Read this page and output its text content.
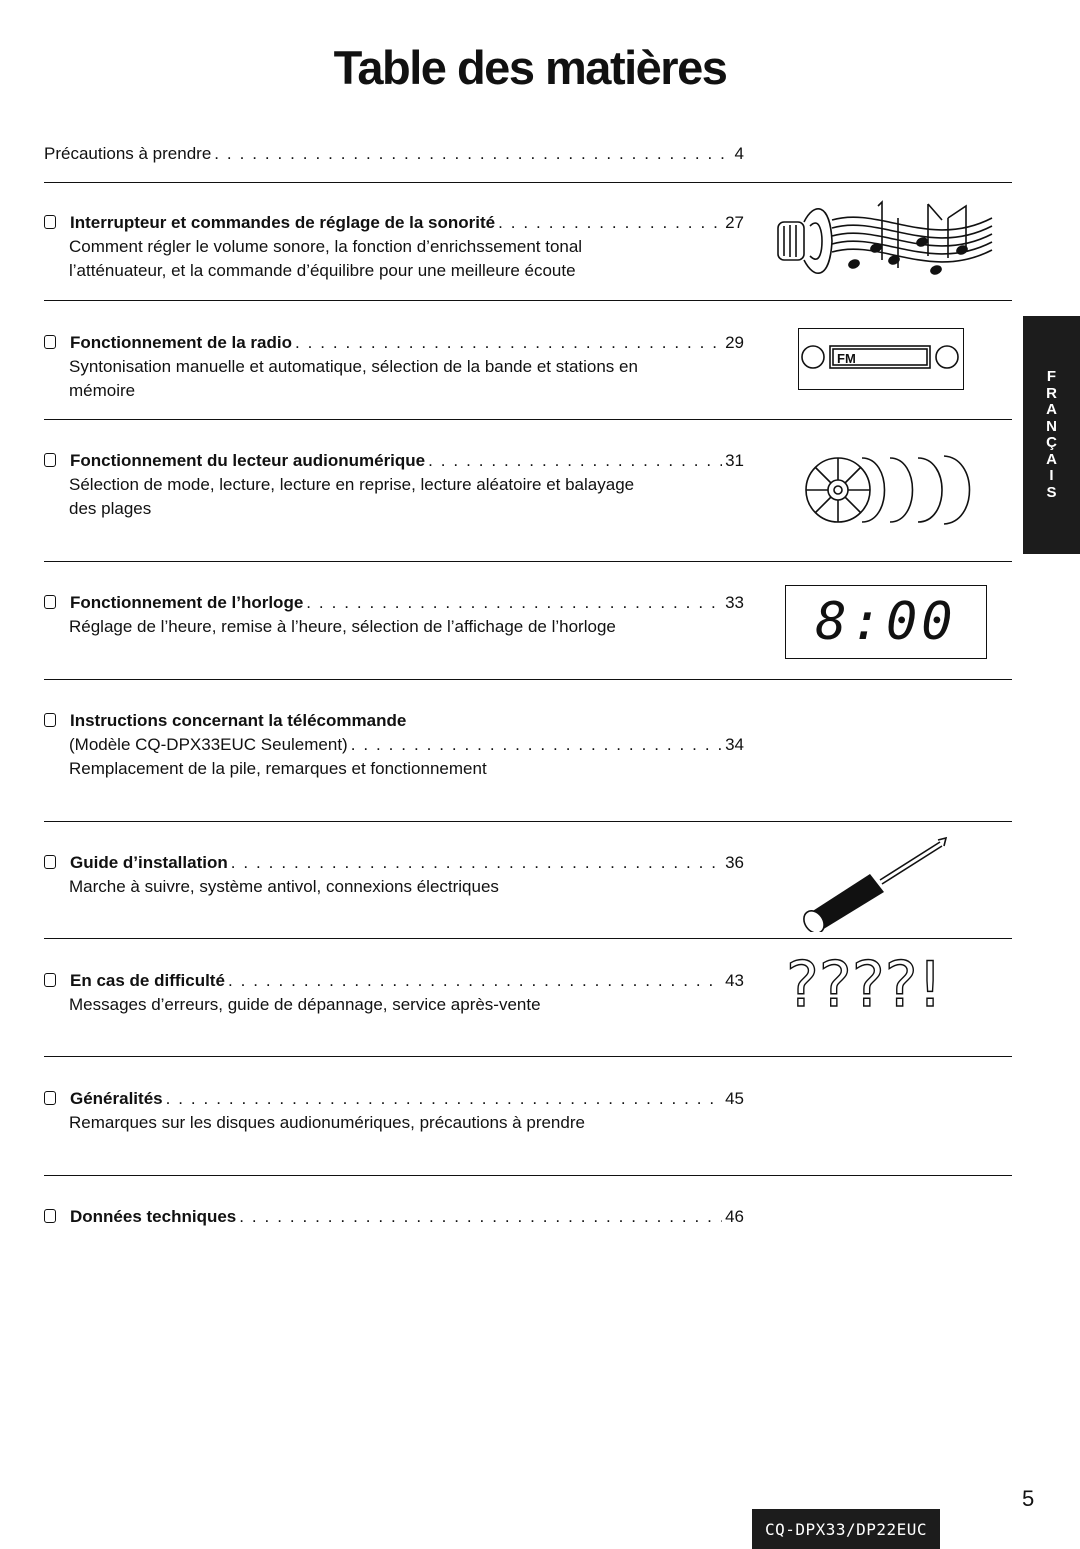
Table des matières
Précautions à prendre . . .	4
Interrupteur et commandes de réglage de la sonorité . . .	27
Comment régler le volume sonore, la fonction d’enrichssement tonal
l’atténuateur, et la commande d’équilibre pour une meilleure écoute
Fonctionnement de la radio . . .	29
Syntonisation manuelle et automatique, sélection de la bande et stations en
mémoire
Fonctionnement du lecteur audionumérique . . .	31
Sélection de mode, lecture, lecture en reprise, lecture aléatoire et balayage
des plages
Fonctionnement de l’horloge . . .	33
Réglage de l’heure, remise à l’heure, sélection de l’affichage de l’horloge
Instructions concernant la télécommande
(Modèle CQ-DPX33EUC Seulement) . . .	34
Remplacement de la pile, remarques et fonctionnement
Guide d’installation . . .	36
Marche à suivre, système antivol, connexions électriques
En cas de difficulté . . .	43
Messages d’erreurs, guide de dépannage, service après-vente
Généralités . . .	45
Remarques sur les disques audionumériques, précautions à prendre
Données techniques . . .	46
FM
8:00
????!
F
R
A
N
Ç
A
I
S
CQ-DPX33/DP22EUC
5
